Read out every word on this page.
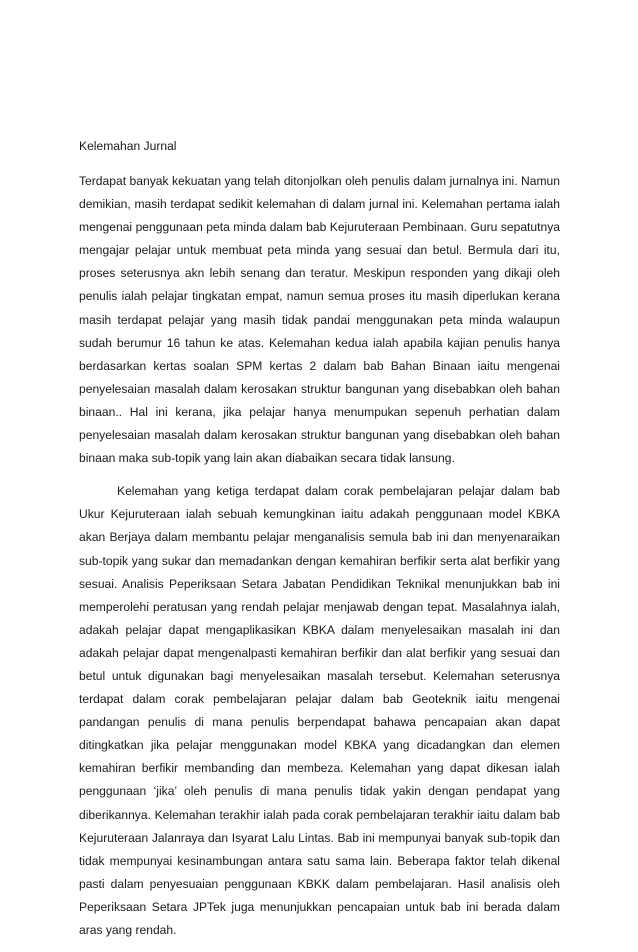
Kelemahan Jurnal

Terdapat banyak kekuatan yang telah ditonjolkan oleh penulis dalam jurnalnya ini. Namun demikian, masih terdapat sedikit kelemahan di dalam jurnal ini. Kelemahan pertama ialah mengenai penggunaan peta minda dalam bab Kejuruteraan Pembinaan. Guru sepatutnya mengajar pelajar untuk membuat peta minda yang sesuai dan betul. Bermula dari itu, proses seterusnya akn lebih senang dan teratur. Meskipun responden yang dikaji oleh penulis ialah pelajar tingkatan empat, namun semua proses itu masih diperlukan kerana masih terdapat pelajar yang masih tidak pandai menggunakan peta minda walaupun sudah berumur 16 tahun ke atas. Kelemahan kedua ialah apabila kajian penulis hanya berdasarkan kertas soalan SPM kertas 2 dalam bab Bahan Binaan iaitu mengenai penyelesaian masalah dalam kerosakan struktur bangunan yang disebabkan oleh bahan binaan.. Hal ini kerana, jika pelajar hanya menumpukan sepenuh perhatian dalam penyelesaian masalah dalam kerosakan struktur bangunan yang disebabkan oleh bahan binaan maka sub-topik yang lain akan diabaikan secara tidak lansung.

Kelemahan yang ketiga terdapat dalam corak pembelajaran pelajar dalam bab Ukur Kejuruteraan ialah sebuah kemungkinan iaitu adakah penggunaan model KBKA akan Berjaya dalam membantu pelajar menganalisis semula bab ini dan menyenaraikan sub-topik yang sukar dan memadankan dengan kemahiran berfikir serta alat berfikir yang sesuai. Analisis Peperiksaan Setara Jabatan Pendidikan Teknikal menunjukkan bab ini memperolehi peratusan yang rendah pelajar menjawab dengan tepat. Masalahnya ialah, adakah pelajar dapat mengaplikasikan KBKA dalam menyelesaikan masalah ini dan adakah pelajar dapat mengenalpasti kemahiran berfikir dan alat berfikir yang sesuai dan betul untuk digunakan bagi menyelesaikan masalah tersebut. Kelemahan seterusnya terdapat dalam corak pembelajaran pelajar dalam bab Geoteknik iaitu mengenai pandangan penulis di mana penulis berpendapat bahawa pencapaian akan dapat ditingkatkan jika pelajar menggunakan model KBKA yang dicadangkan dan elemen kemahiran berfikir membanding dan membeza. Kelemahan yang dapat dikesan ialah penggunaan ‘jika’ oleh penulis di mana penulis tidak yakin dengan pendapat yang diberikannya. Kelemahan terakhir ialah pada corak pembelajaran terakhir iaitu dalam bab Kejuruteraan Jalanraya dan Isyarat Lalu Lintas. Bab ini mempunyai banyak sub-topik dan tidak mempunyai kesinambungan antara satu sama lain. Beberapa faktor telah dikenal pasti dalam penyesuaian penggunaan KBKK dalam pembelajaran. Hasil analisis oleh Peperiksaan Setara JPTek juga menunjukkan pencapaian untuk bab ini berada dalam aras yang rendah.
